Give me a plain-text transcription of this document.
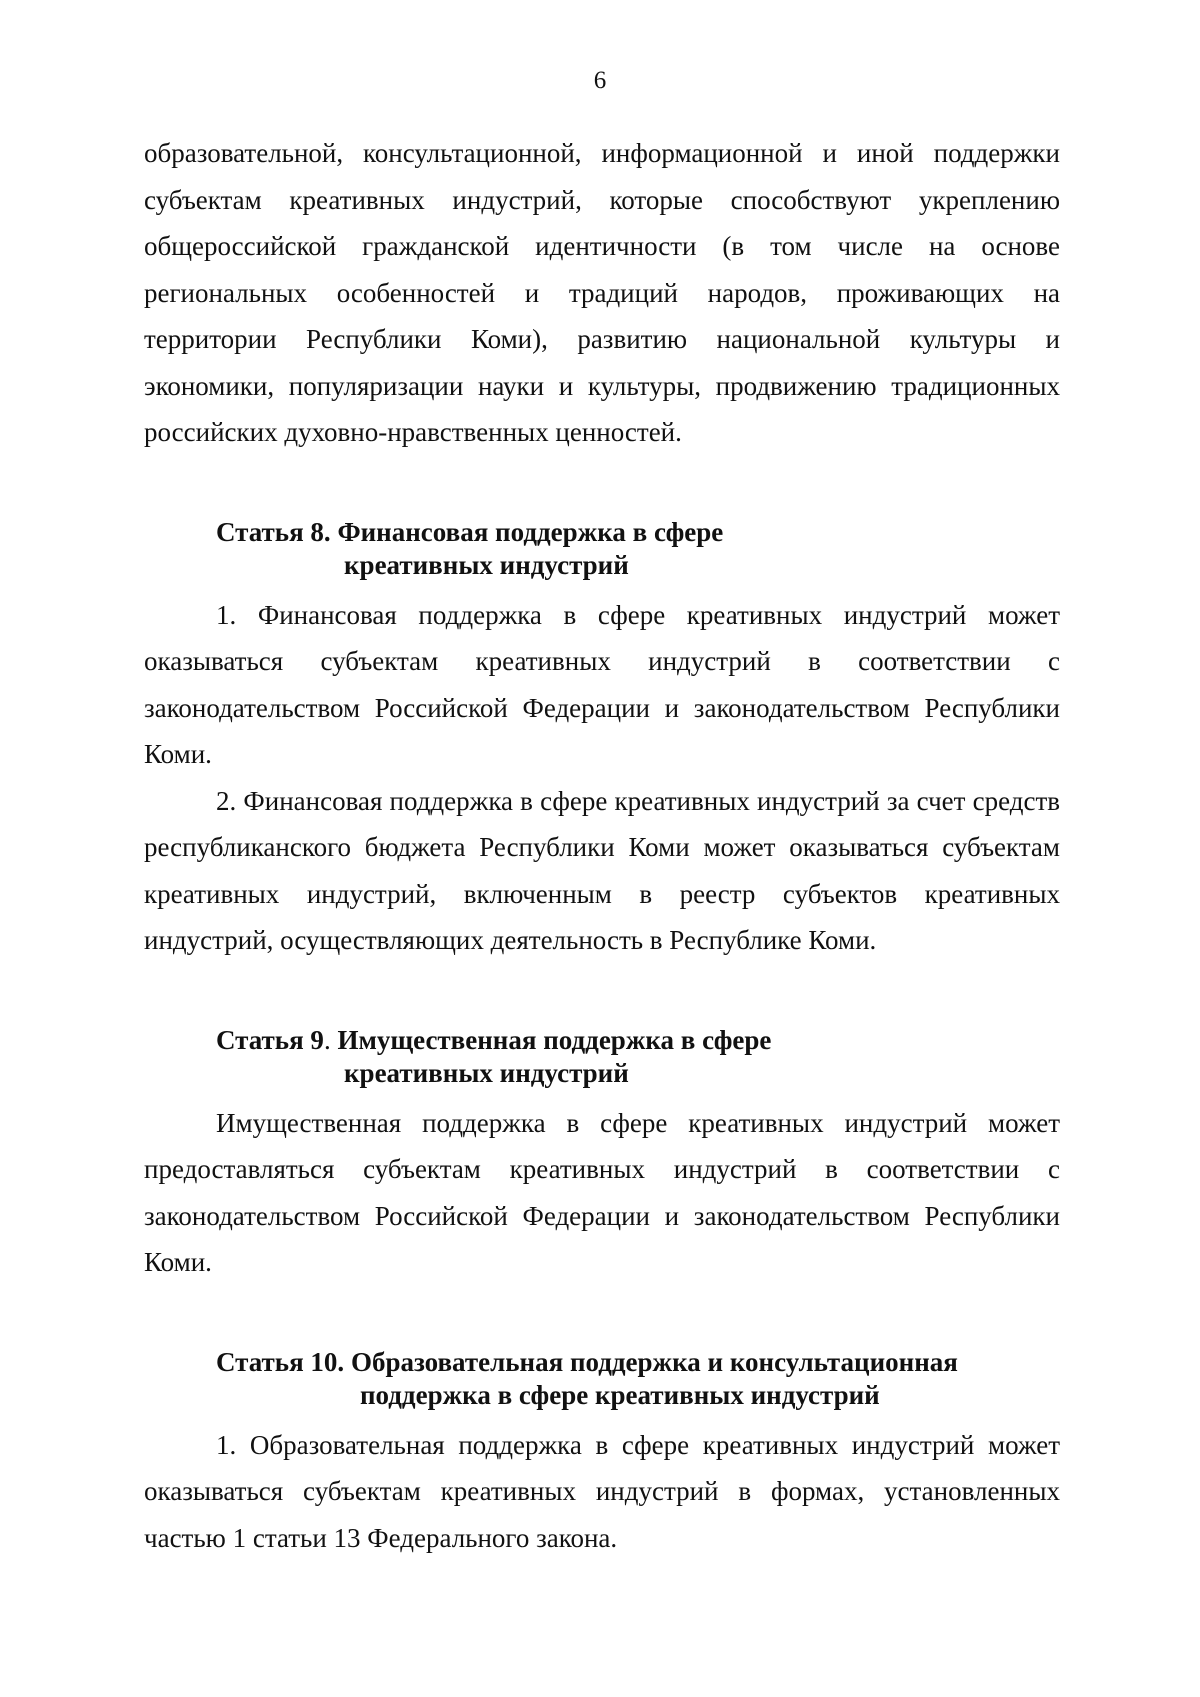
6

образовательной, консультационной, информационной и иной поддержки субъектам креативных индустрий, которые способствуют укреплению общероссийской гражданской идентичности (в том числе на основе региональных особенностей и традиций народов, проживающих на территории Республики Коми), развитию национальной культуры и экономики, популяризации науки и культуры, продвижению традиционных российских духовно-нравственных ценностей.

Статья 8. Финансовая поддержка в сфере
креативных индустрий

1. Финансовая поддержка в сфере креативных индустрий может оказываться субъектам креативных индустрий в соответствии с законодательством Российской Федерации и законодательством Республики Коми.

2. Финансовая поддержка в сфере креативных индустрий за счет средств республиканского бюджета Республики Коми может оказываться субъектам креативных индустрий, включенным в реестр субъектов креативных индустрий, осуществляющих деятельность в Республике Коми.

Статья 9. Имущественная поддержка в сфере
креативных индустрий

Имущественная поддержка в сфере креативных индустрий может предоставляться субъектам креативных индустрий в соответствии с законодательством Российской Федерации и законодательством Республики Коми.

Статья 10. Образовательная поддержка и консультационная
поддержка в сфере креативных индустрий

1. Образовательная поддержка в сфере креативных индустрий может оказываться субъектам креативных индустрий в формах, установленных частью 1 статьи 13 Федерального закона.
